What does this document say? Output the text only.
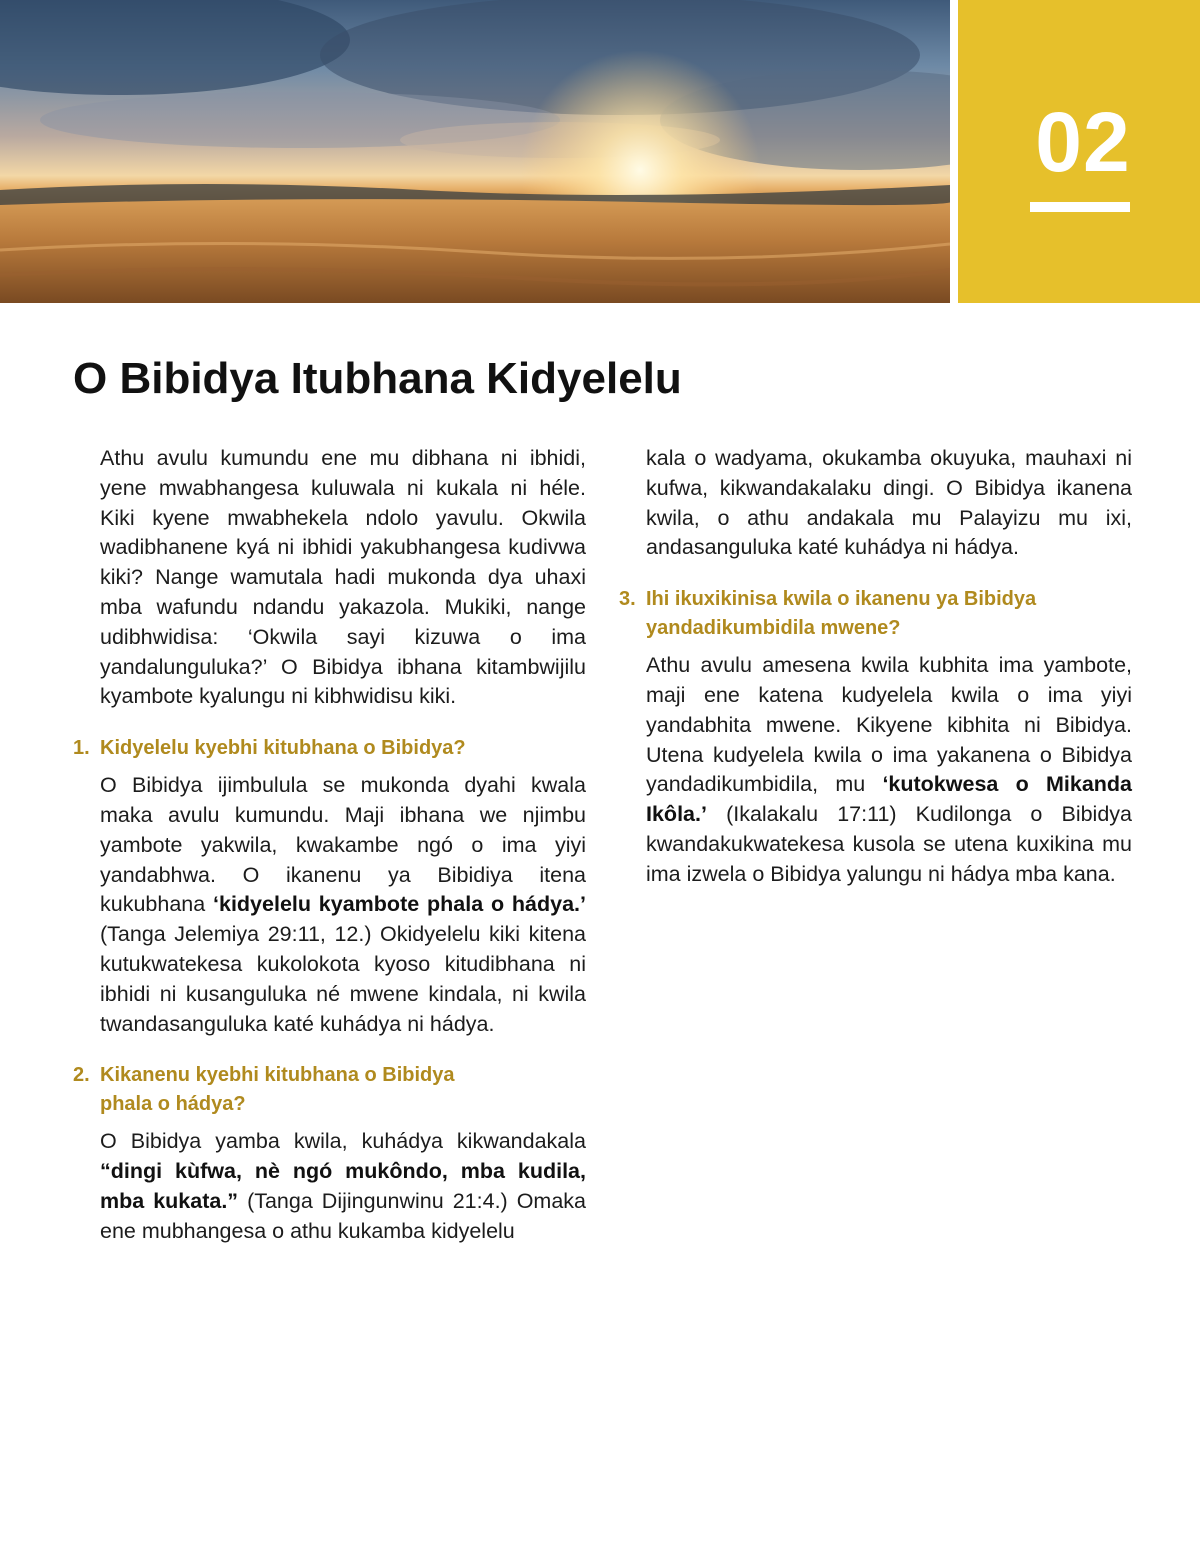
02
O Bibidya Itubhana Kidyelelu

Athu avulu kumundu ene mu dibhana ni ibhidi, yene mwabhangesa kuluwala ni kukala ni héle. Kiki kyene mwabhekela ndolo yavulu. Okwila wadibhanene kyá ni ibhidi yakubhangesa kudivwa kiki? Nange wamutala hadi mukonda dya uhaxi mba wafundu ndandu yakazola. Mukiki, nange udibhwidisa: ‘Okwila sayi kizuwa o ima yandalunguluka?’ O Bibidya ibhana kitambwijilu kyambote kyalungu ni kibhwidisu kiki.

1. Kidyelelu kyebhi kitubhana o Bibidya?

O Bibidya ijimbulula se mukonda dyahi kwala maka avulu kumundu. Maji ibhana we njimbu yambote yakwila, kwakambe ngó o ima yiyi yandabhwa. O ikanenu ya Bibidiya itena kukubhana ‘kidyelelu kyambote phala o hádya.’ (Tanga Jelemiya 29:11, 12.) Okidyelelu kiki kitena kutukwatekesa kukolokota kyoso kitudibhana ni ibhidi ni kusanguluka né mwene kindala, ni kwila twandasanguluka katé kuhádya ni hádya.

2. Kikanenu kyebhi kitubhana o Bibidya
phala o hádya?

O Bibidya yamba kwila, kuhádya kikwandakala “dingi kùfwa, nè ngó mukôndo, mba kudila, mba kukata.” (Tanga Dijingunwinu 21:4.) Omaka ene mubhangesa o athu kukamba kidyelelu

kala o wadyama, okukamba okuyuka, mauhaxi ni kufwa, kikwandakalaku dingi. O Bibidya ikanena kwila, o athu andakala mu Palayizu mu ixi, andasanguluka katé kuhádya ni hádya.

3. Ihi ikuxikinisa kwila o ikanenu ya Bibidya
yandadikumbidila mwene?

Athu avulu amesena kwila kubhita ima yambote, maji ene katena kudyelela kwila o ima yiyi yandabhita mwene. Kikyene kibhita ni Bibidya. Utena kudyelela kwila o ima yakanena o Bibidya yandadikumbidila, mu ‘kutokwesa o Mikanda Ikôla.’ (Ikalakalu 17:11) Kudilonga o Bibidya kwandakukwatekesa kusola se utena kuxikina mu ima izwela o Bibidya yalungu ni hádya mba kana.
